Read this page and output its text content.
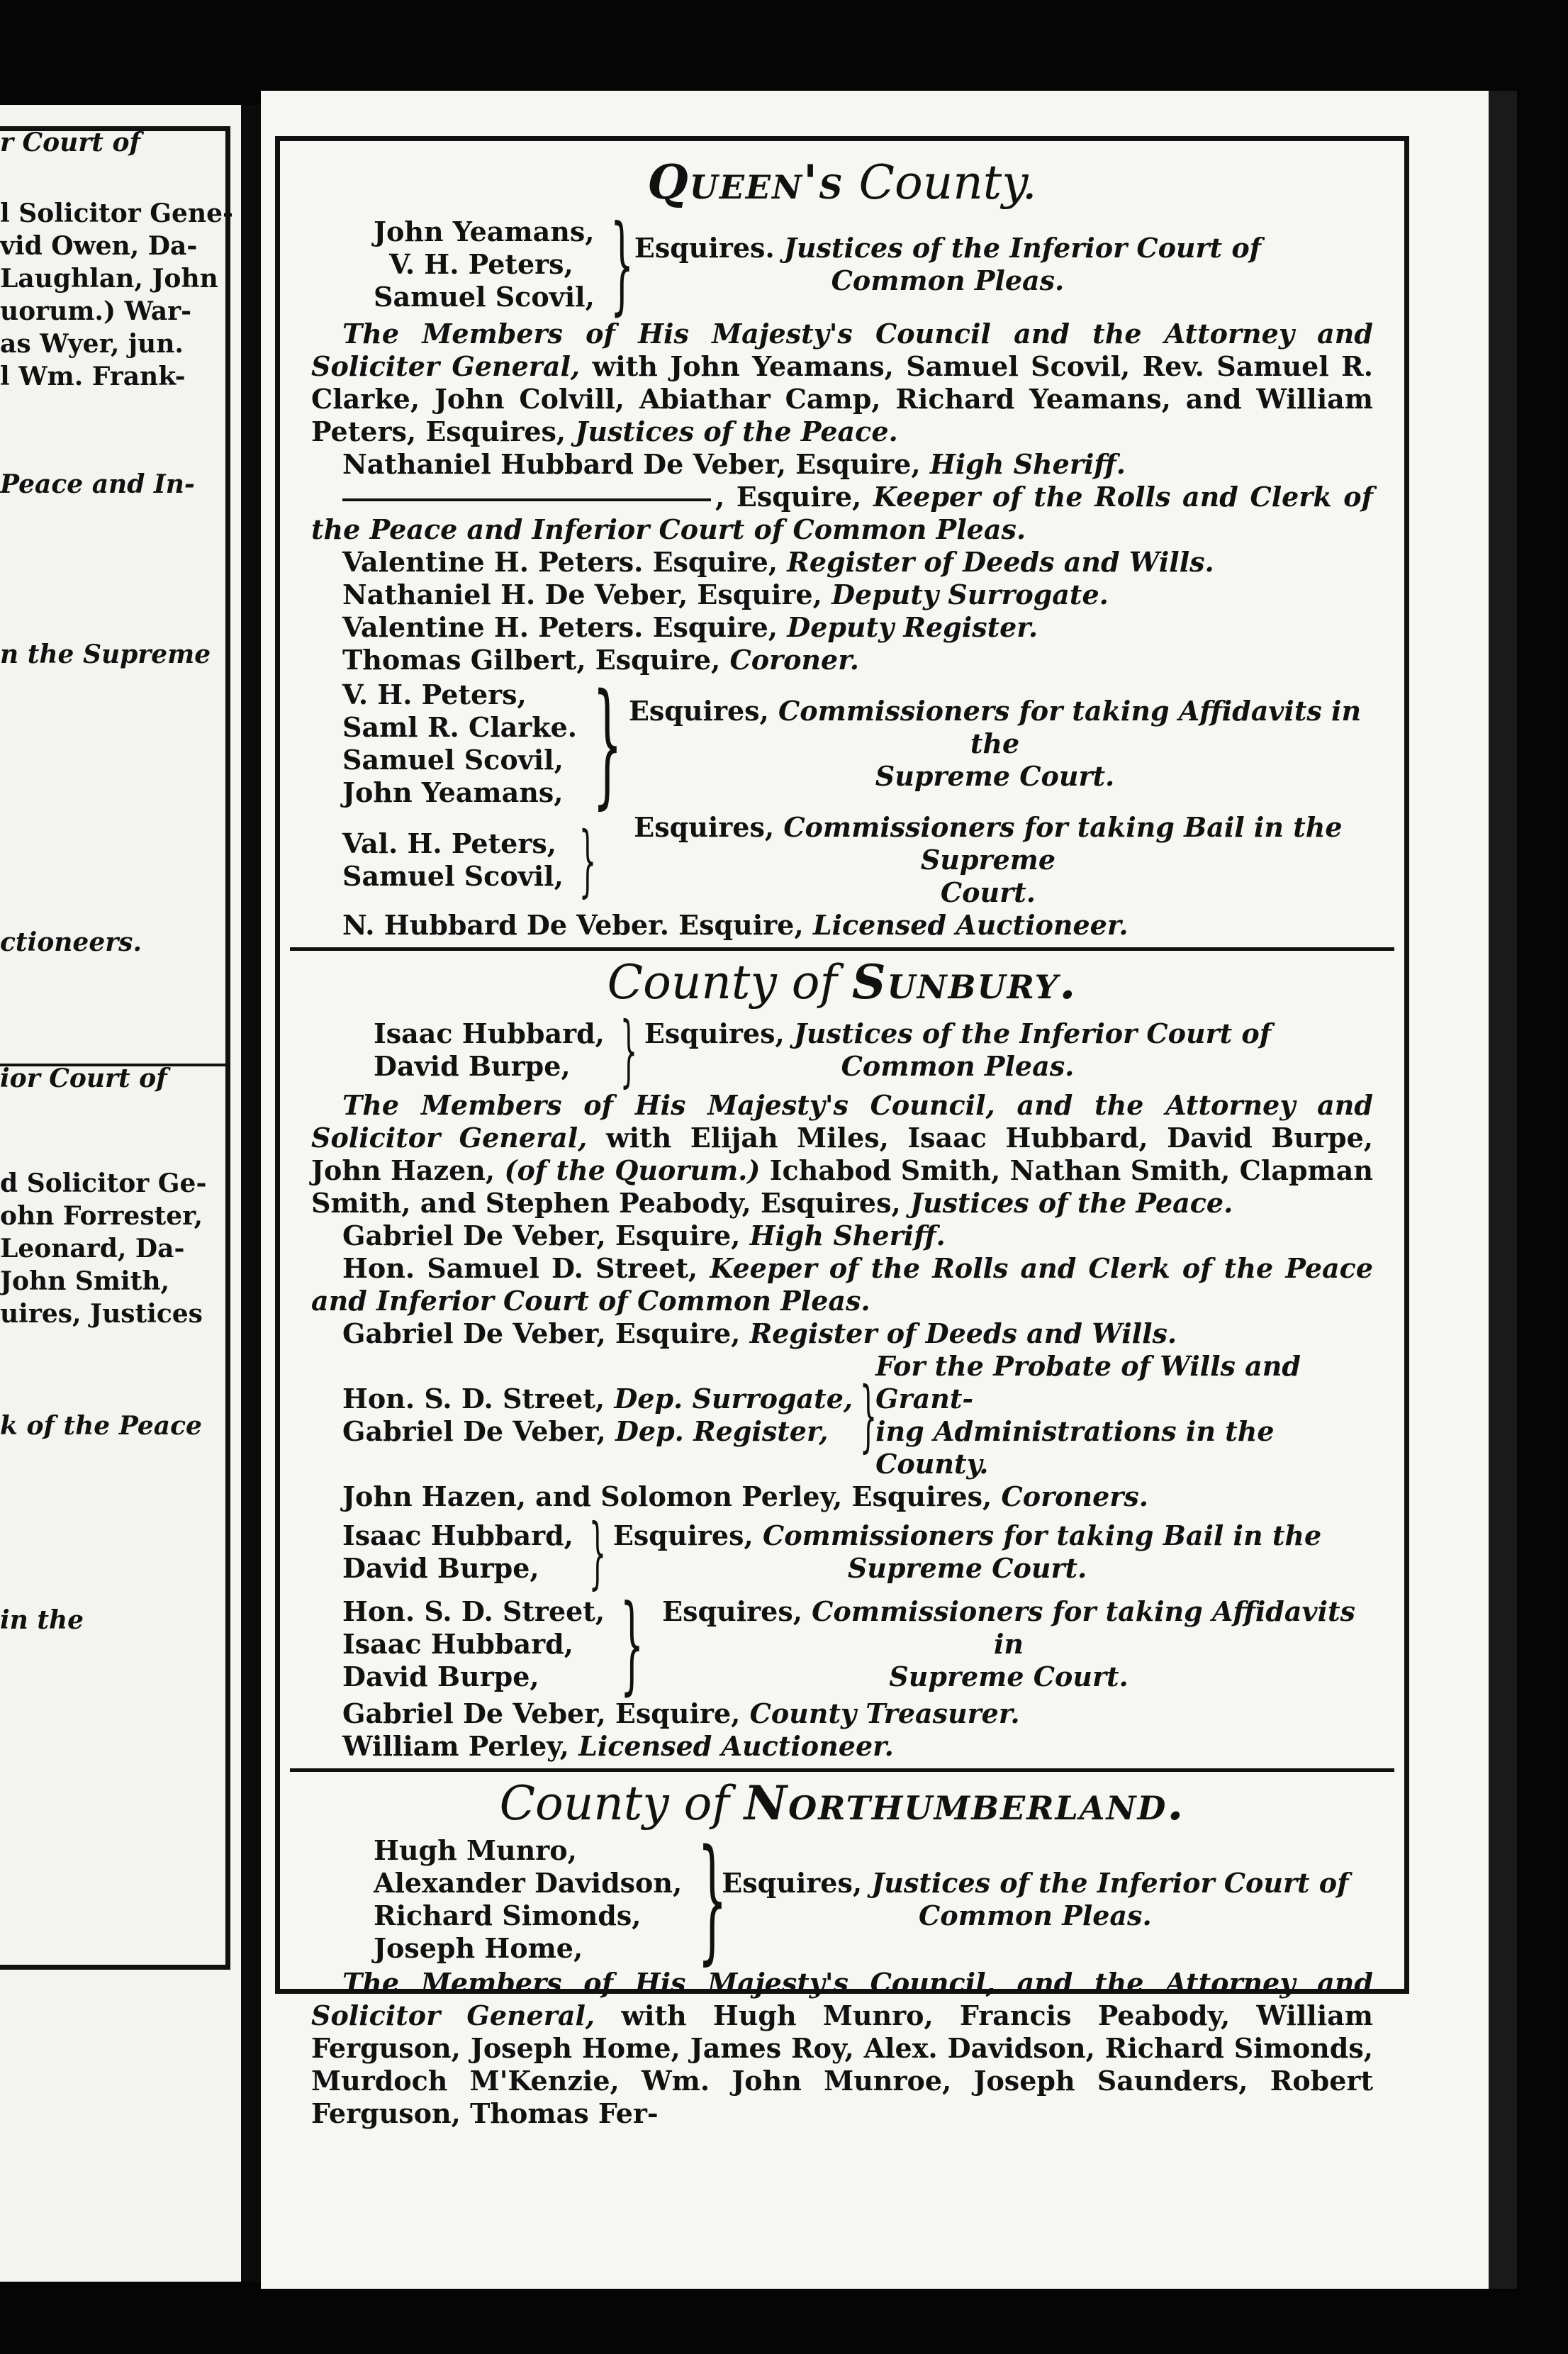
r Court of
l Solicitor Gene-
vid Owen, Da-
Laughlan, John
uorum.) War-
as Wyer, jun.
l Wm. Frank-
Peace and In-
n the Supreme
ctioneers.
ior Court of
d Solicitor Ge-
ohn Forrester,
Leonard, Da-
John Smith,
uires, Justices
k of the Peace
in the
Queen's County.
John Yeamans,
V. H. Peters,
Samuel Scovil, } Esquires. Justices of the Inferior Court of
Common Pleas.

The Members of His Majesty's Council and the Attorney and Soliciter General, with John Yeamans, Samuel Scovil, Rev. Samuel R. Clarke, John Colvill, Abiathar Camp, Richard Yeamans, and William Peters, Esquires, Justices of the Peace.

Nathaniel Hubbard De Veber, Esquire, High Sheriff.

, Esquire, Keeper of the Rolls and Clerk of the Peace and Inferior Court of Common Pleas.

Valentine H. Peters. Esquire, Register of Deeds and Wills.

Nathaniel H. De Veber, Esquire, Deputy Surrogate.

Valentine H. Peters. Esquire, Deputy Register.

Thomas Gilbert, Esquire, Coroner.

V. H. Peters,
Saml R. Clarke.
Samuel Scovil,
John Yeamans, } Esquires, Commissioners for taking Affidavits in the
Supreme Court.
Val. H. Peters,
Samuel Scovil, }	Esquires, Commissioners for taking Bail in the Supreme
Court.

N. Hubbard De Veber. Esquire, Licensed Auctioneer.

County of Sunbury.
Isaac Hubbard,
David Burpe, } Esquires, Justices of the Inferior Court of
Common Pleas.

The Members of His Majesty's Council, and the Attorney and Solicitor General, with Elijah Miles, Isaac Hubbard, David Burpe, John Hazen, (of the Quorum.) Ichabod Smith, Nathan Smith, Clapman Smith, and Stephen Peabody, Esquires, Justices of the Peace.

Gabriel De Veber, Esquire, High Sheriff.

Hon. Samuel D. Street, Keeper of the Rolls and Clerk of the Peace and Inferior Court of Common Pleas.

Gabriel De Veber, Esquire, Register of Deeds and Wills.

Hon. S. D. Street, Dep. Surrogate,
Gabriel De Veber, Dep. Register, }
For the Probate of Wills and Grant-
ing Administrations in the County.

John Hazen, and Solomon Perley, Esquires, Coroners.

Isaac Hubbard,
David Burpe, } Esquires, Commissioners for taking Bail in the
Supreme Court.
Hon. S. D. Street,
Isaac Hubbard,
David Burpe, } Esquires, Commissioners for taking Affidavits in
Supreme Court.

Gabriel De Veber, Esquire, County Treasurer.

William Perley, Licensed Auctioneer.

County of Northumberland.
Hugh Munro,
Alexander Davidson,
Richard Simonds,
Joseph Home, }
Esquires, Justices of the Inferior Court of
Common Pleas.

The Members of His Majesty's Council, and the Attorney and Solicitor General, with Hugh Munro, Francis Peabody, William Ferguson, Joseph Home, James Roy, Alex. Davidson, Richard Simonds, Murdoch M'Kenzie, Wm. John Munroe, Joseph Saunders, Robert Ferguson, Thomas Fer-
